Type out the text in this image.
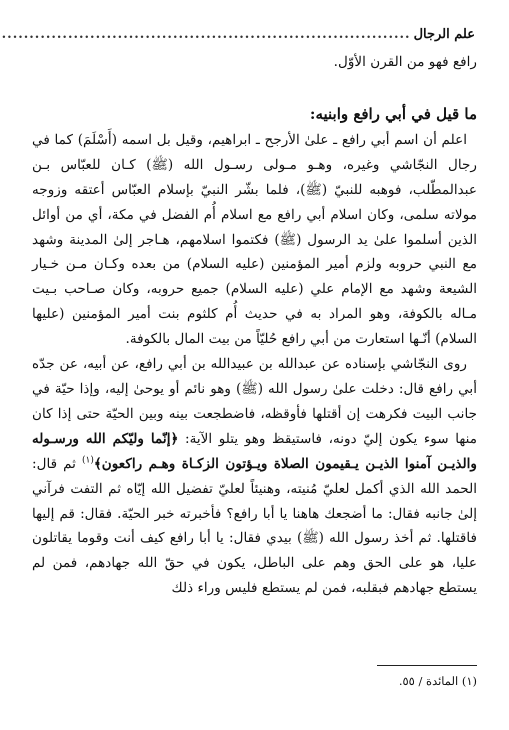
علم الرجال
..........................................................................

رافع فهو من القرن الأوّل.

ما قيل في أبي رافع وابنيه:

اعلم أن اسم أبي رافع ـ علىٰ الأرجح ـ ابراهيم، وقيل بل اسمه (أَسْلَمَ) كما في رجال النجّاشي وغيره، وهـو مـولى رسـول الله (ﷺ) كـان للعبّاس بـن عبدالمطّلب، فوهبه للنبيّ (ﷺ)، فلما بشّر النبيّ بإسلام العبّاس أعتقه وزوجه مولاته سلمى، وكان اسلام أبي رافع مع اسلام أُم الفضل في مكة، أي من أوائل الذين أسلموا علىٰ يد الرسول (ﷺ) فكتموا اسلامهم، هـاجر إلىٰ المدينة وشهد مع النبي حروبه ولزم أمير المؤمنين (عليه السلام) من بعده وكـان مـن خـيار الشيعة وشهد مع الإمام علي (عليه السلام) جميع حروبه، وكان صـاحب بـيت مـاله بالكوفة، وهو المراد به في حديث أُم كلثوم بنت أمير المؤمنين (عليها السلام) أنّـها استعارت من أبي رافع حُليّاً من بيت المال بالكوفة.

روى النجّاشي بإسناده عن عبدالله بن عبيدالله بن أبي رافع، عن أبيه، عن جدّه أبي رافع قال: دخلت علىٰ رسول الله (ﷺ) وهو نائم أو يوحىٰ إليه، وإذا حيّة في جانب البيت فكرهت إن أقتلها فأوقظه، فاضطجعت بينه وبين الحيّة حتى إذا كان منها سوء يكون إليّ دونه، فاستيقظ وهو يتلو الآية: ﴿إنّما وليّكم الله ورسـوله والذيـن آمنوا الذيـن يـقيمون الصلاة ويـؤتون الزكـاة وهـم راكعون﴾$^{(١)}$ ثم قال: الحمد الله الذي أكمل لعليّ مُنيته، وهنيئاً لعليّ تفضيل الله إيّاه ثم التفت فرآني إلىٰ جانبه فقال: ما أضجعك هاهنا يا أبا رافع؟ فأخبرته خبر الحيّة. فقال: قم إليها فاقتلها. ثم أخذ رسول الله (ﷺ) بيدي فقال: يا أبا رافع كيف أنت وقوما يقاتلون عليا، هو على الحق وهم على الباطل، يكون في حقّ الله جهادهم، فمن لم يستطع جهادهم فبقلبه، فمن لم يستطع فليس وراء ذلك

(١) المائدة / ٥٥.
